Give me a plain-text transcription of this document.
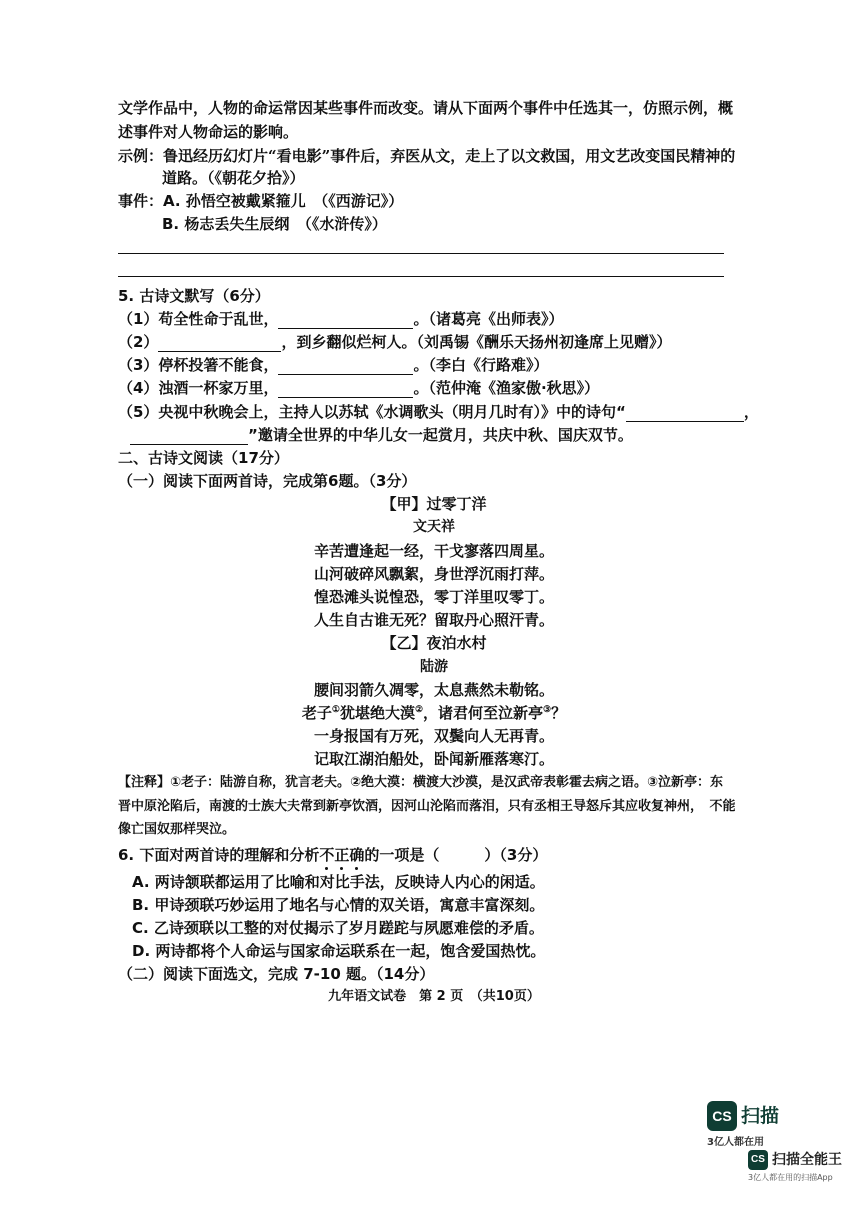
文学作品中，人物的命运常因某些事件而改变。请从下面两个事件中任选其一，仿照示例，概
述事件对人物命运的影响。
示例：鲁迅经历幻灯片“看电影”事件后，弃医从文，走上了以文救国，用文艺改变国民精神的
道路。（《朝花夕拾》）
事件：A. 孙悟空被戴紧箍儿　（《西游记》）
B. 杨志丢失生辰纲　（《水浒传》）
5. 古诗文默写（6分）
（1）苟全性命于乱世，	。（诸葛亮《出师表》）
（2）	，到乡翻似烂柯人。（刘禹锡《酬乐天扬州初逢席上见赠》）
（3）停杯投箸不能食，	。（李白《行路难》）
（4）浊酒一杯家万里，	。（范仲淹《渔家傲·秋思》）
（5）央视中秋晚会上，主持人以苏轼《水调歌头（明月几时有）》中的诗句“	，
”邀请全世界的中华儿女一起赏月，共庆中秋、国庆双节。
二、古诗文阅读（17分）
（一）阅读下面两首诗，完成第6题。（3分）
【甲】过零丁洋
文天祥
辛苦遭逢起一经，干戈寥落四周星。
山河破碎风飘絮，身世浮沉雨打萍。
惶恐滩头说惶恐，零丁洋里叹零丁。
人生自古谁无死？留取丹心照汗青。
【乙】夜泊水村
陆游
腰间羽箭久凋零，太息燕然未勒铭。
老子①犹堪绝大漠②，诸君何至泣新亭③？
一身报国有万死，双鬓向人无再青。
记取江湖泊船处，卧闻新雁落寒汀。
【注释】①老子：陆游自称，犹言老夫。②绝大漠：横渡大沙漠，是汉武帝表彰霍去病之语。③泣新亭：东
晋中原沦陷后，南渡的士族大夫常到新亭饮酒，因河山沦陷而落泪，只有丞相王导怒斥其应收复神州，　不能
像亡国奴那样哭泣。
6. 下面对两首诗的理解和分析不正确的一项是（　　　）（3分）
A. 两诗颔联都运用了比喻和对比手法，反映诗人内心的闲适。
B. 甲诗颈联巧妙运用了地名与心情的双关语，寓意丰富深刻。
C. 乙诗颈联以工整的对仗揭示了岁月蹉跎与夙愿难偿的矛盾。
D. 两诗都将个人命运与国家命运联系在一起，饱含爱国热忱。
（二）阅读下面选文，完成 7-10 题。（14分）
九年语文试卷　第 2 页　（共10页）
CS 扫描
3亿人都在用
CS 扫描全能王
3亿人都在用的扫描App
